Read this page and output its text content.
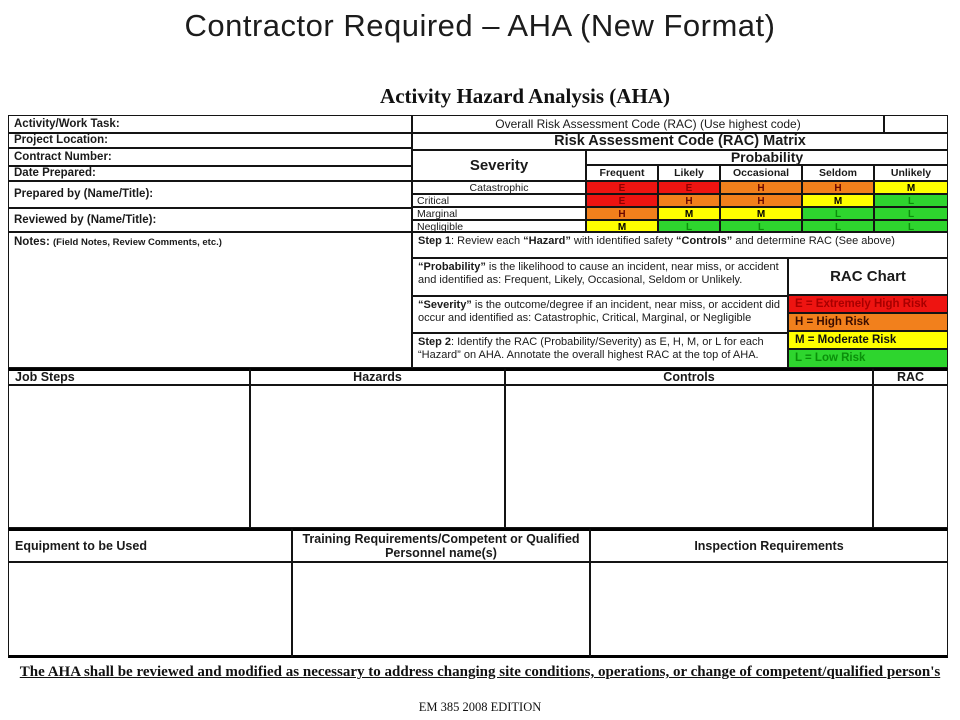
Contractor Required – AHA (New Format)
Activity Hazard Analysis (AHA)
Activity/Work Task:
Project Location:
Contract Number:
Date Prepared:
Prepared by (Name/Title):
Reviewed by (Name/Title):
Notes: (Field Notes, Review Comments, etc.)
Overall Risk Assessment Code (RAC) (Use highest code)
Risk Assessment Code (RAC) Matrix
Severity	Probability
Frequent	Likely	Occasional	Seldom	Unlikely
Catastrophic	E	E	H	H	M
Critical	E	H	H	M	L
Marginal	H	M	M	L	L
Negligible	M	L	L	L	L
Step 1: Review each “Hazard” with identified safety “Controls” and determine RAC (See above)
“Probability” is the likelihood to cause an incident, near miss, or accident and identified as: Frequent, Likely, Occasional, Seldom or Unlikely.
“Severity” is the outcome/degree if an incident, near miss, or accident did occur and identified as: Catastrophic, Critical, Marginal, or Negligible
Step 2: Identify the RAC (Probability/Severity) as E, H, M, or L for each “Hazard” on AHA. Annotate the overall highest RAC at the top of AHA.
RAC Chart
E = Extremely High Risk
H = High Risk
M = Moderate Risk
L = Low Risk
Job Steps	Hazards	Controls	RAC
Equipment to be Used	Training Requirements/Competent or Qualified Personnel name(s)
Inspection Requirements
The AHA shall be reviewed and modified as necessary to address changing site conditions, operations, or change of competent/qualified person's
EM 385 2008 EDITION
